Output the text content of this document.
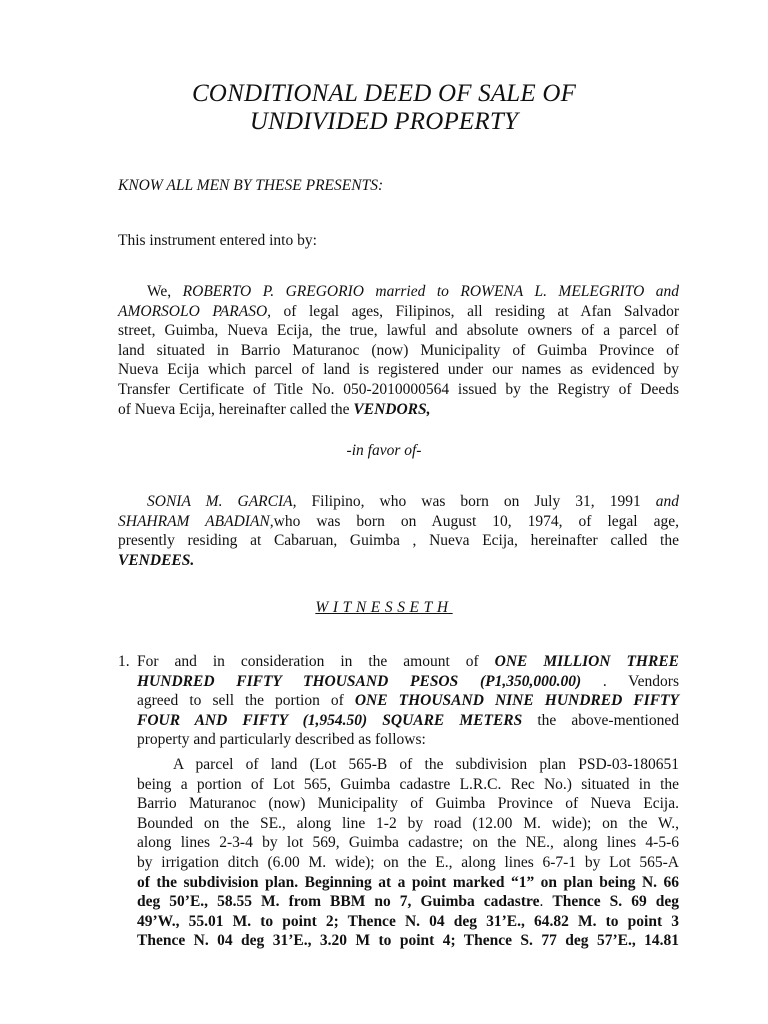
CONDITIONAL DEED OF SALE OF
UNDIVIDED PROPERTY
KNOW ALL MEN BY THESE PRESENTS:
This instrument entered into by:
We, ROBERTO P. GREGORIO married to ROWENA L. MELEGRITO and
AMORSOLO PARASO, of legal ages, Filipinos, all residing at Afan Salvador
street, Guimba, Nueva Ecija, the true, lawful and absolute owners of a parcel of
land situated in Barrio Maturanoc (now) Municipality of Guimba Province of
Nueva Ecija which parcel of land is registered under our names as evidenced by
Transfer Certificate of Title No. 050-2010000564 issued by the Registry of Deeds
of Nueva Ecija, hereinafter called the VENDORS,
-in favor of-
SONIA M. GARCIA, Filipino, who was born on July 31, 1991 and
SHAHRAM ABADIAN,who was born on August 10, 1974, of legal age,
presently residing at Cabaruan, Guimba , Nueva Ecija, hereinafter called the
VENDEES.
WITNESSETH
1. For and in consideration in the amount of ONE MILLION THREE
HUNDRED FIFTY THOUSAND PESOS (P1,350,000.00) . Vendors
agreed to sell the portion of ONE THOUSAND NINE HUNDRED FIFTY
FOUR AND FIFTY (1,954.50) SQUARE METERS the above-mentioned
property and particularly described as follows:
A parcel of land (Lot 565-B of the subdivision plan PSD-03-180651
being a portion of Lot 565, Guimba cadastre L.R.C. Rec No.) situated in the
Barrio Maturanoc (now) Municipality of Guimba Province of Nueva Ecija.
Bounded on the SE., along line 1-2 by road (12.00 M. wide); on the W.,
along lines 2-3-4 by lot 569, Guimba cadastre; on the NE., along lines 4-5-6
by irrigation ditch (6.00 M. wide); on the E., along lines 6-7-1 by Lot 565-A
of the subdivision plan. Beginning at a point marked “1” on plan being N. 66
deg 50’E., 58.55 M. from BBM no 7, Guimba cadastre. Thence S. 69 deg
49’W., 55.01 M. to point 2; Thence N. 04 deg 31’E., 64.82 M. to point 3
Thence N. 04 deg 31’E., 3.20 M to point 4; Thence S. 77 deg 57’E., 14.81
